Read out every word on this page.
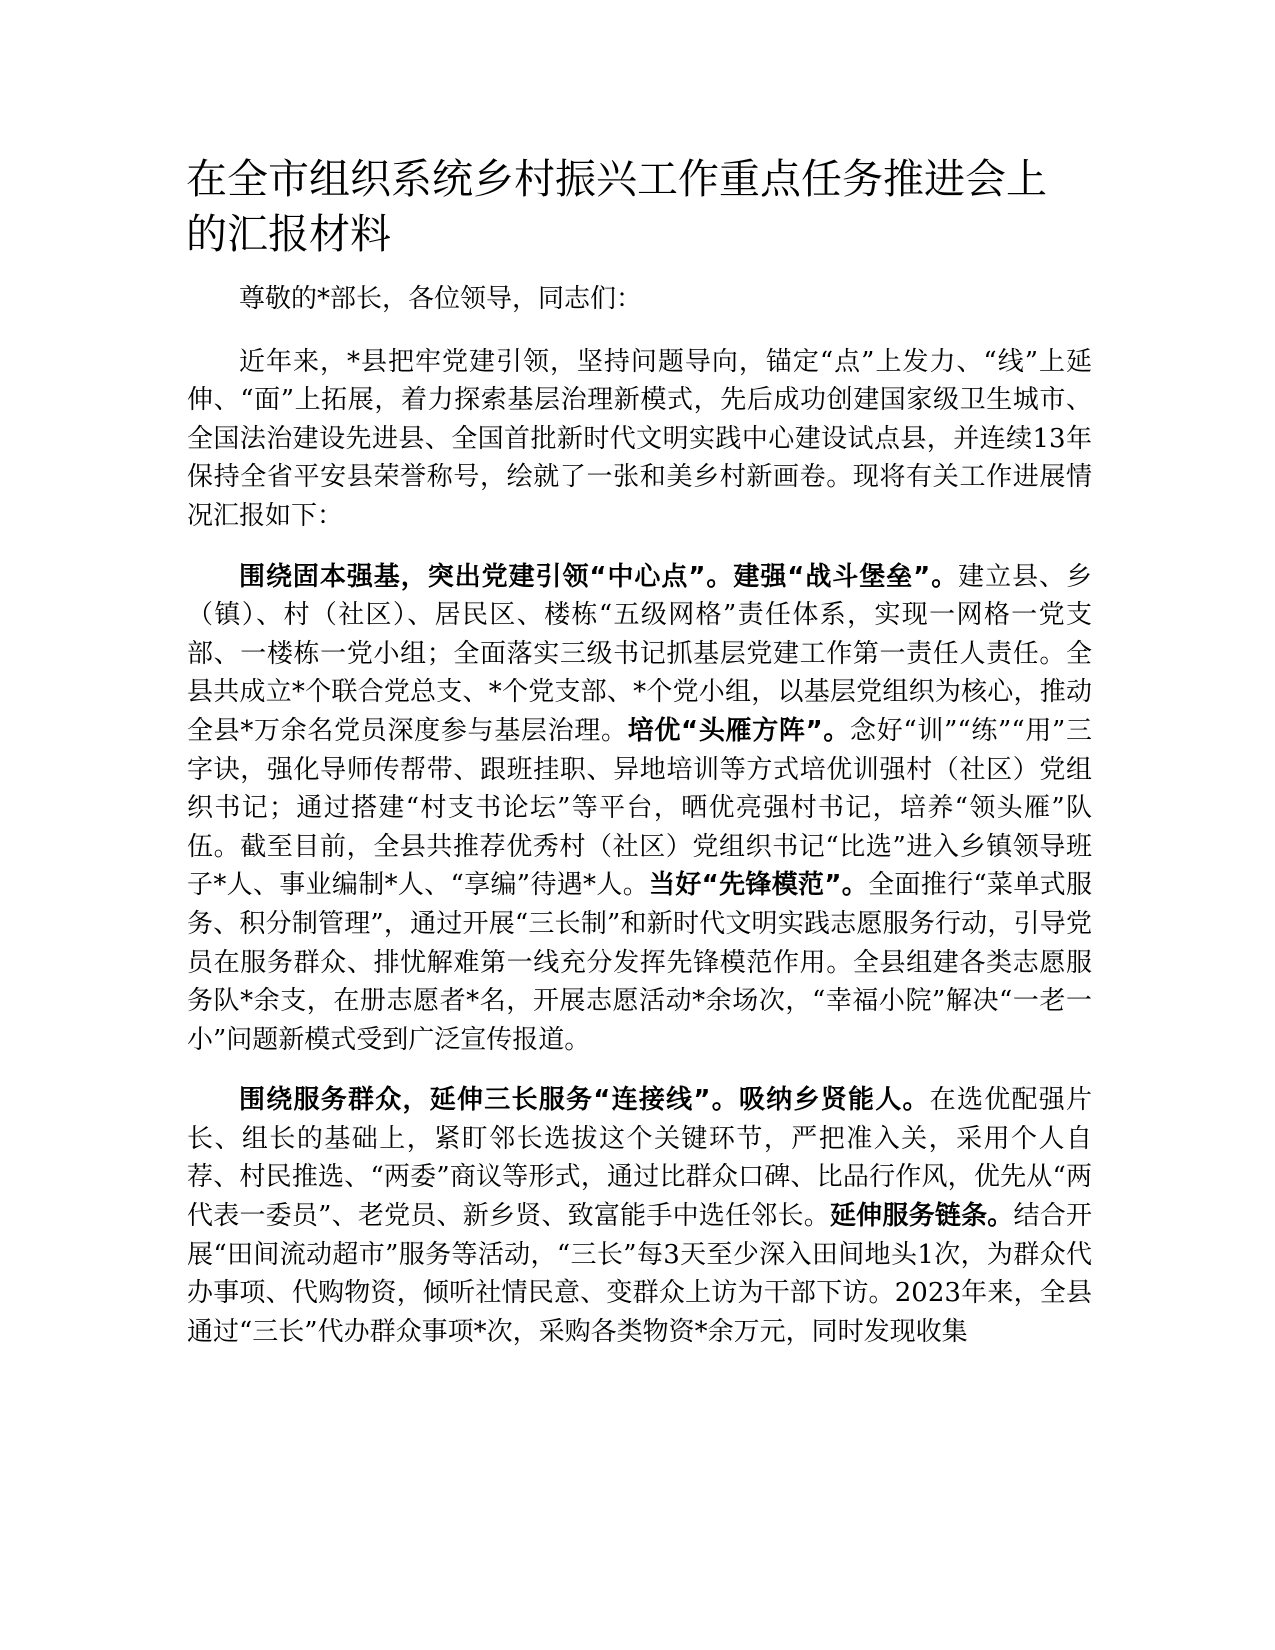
在全市组织系统乡村振兴工作重点任务推进会上的汇报材料

尊敬的*部长，各位领导，同志们：

近年来，*县把牢党建引领，坚持问题导向，锚定“点”上发力、“线”上延伸、“面”上拓展，着力探索基层治理新模式，先后成功创建国家级卫生城市、全国法治建设先进县、全国首批新时代文明实践中心建设试点县，并连续13年保持全省平安县荣誉称号，绘就了一张和美乡村新画卷。现将有关工作进展情况汇报如下：

围绕固本强基，突出党建引领“中心点”。建强“战斗堡垒”。建立县、乡（镇）、村（社区）、居民区、楼栋“五级网格”责任体系，实现一网格一党支部、一楼栋一党小组；全面落实三级书记抓基层党建工作第一责任人责任。全县共成立*个联合党总支、*个党支部、*个党小组，以基层党组织为核心，推动全县*万余名党员深度参与基层治理。培优“头雁方阵”。念好“训”“练”“用”三字诀，强化导师传帮带、跟班挂职、异地培训等方式培优训强村（社区）党组织书记；通过搭建“村支书论坛”等平台，晒优亮强村书记，培养“领头雁”队伍。截至目前，全县共推荐优秀村（社区）党组织书记“比选”进入乡镇领导班子*人、事业编制*人、“享编”待遇*人。当好“先锋模范”。全面推行“菜单式服务、积分制管理”，通过开展“三长制”和新时代文明实践志愿服务行动，引导党员在服务群众、排忧解难第一线充分发挥先锋模范作用。全县组建各类志愿服务队*余支，在册志愿者*名，开展志愿活动*余场次，“幸福小院”解决“一老一小”问题新模式受到广泛宣传报道。

围绕服务群众，延伸三长服务“连接线”。吸纳乡贤能人。在选优配强片长、组长的基础上，紧盯邻长选拔这个关键环节，严把准入关，采用个人自荐、村民推选、“两委”商议等形式，通过比群众口碑、比品行作风，优先从“两代表一委员”、老党员、新乡贤、致富能手中选任邻长。延伸服务链条。结合开展“田间流动超市”服务等活动，“三长”每3天至少深入田间地头1次，为群众代办事项、代购物资，倾听社情民意、变群众上访为干部下访。2023年来，全县通过“三长”代办群众事项*次，采购各类物资*余万元，同时发现收集
